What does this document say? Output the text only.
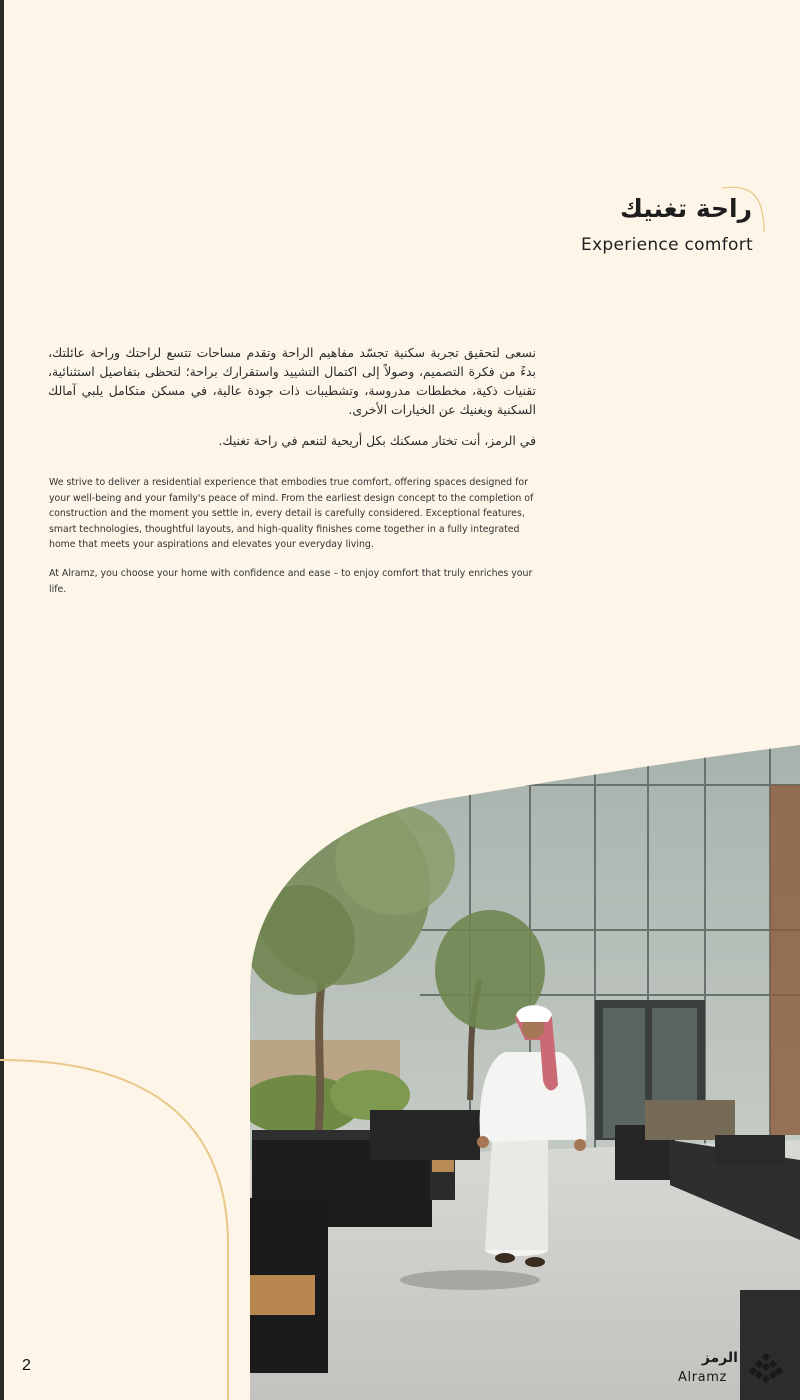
راحة تغنيك
Experience comfort

نسعى لتحقيق تجربة سكنية تجسّد مفاهيم الراحة وتقدم مساحات تتسع لراحتك وراحة عائلتك، بدءً من فكرة التصميم، وصولاً إلى اكتمال التشييد واستقرارك براحة؛ لتحظى بتفاصيل استثنائية، تقنيات ذكية، مخططات مدروسة، وتشطيبات ذات جودة عالية، في مسكن متكامل يلبي آمالك السكنية ويغنيك عن الخيارات الأخرى.

في الرمز، أنت تختار مسكنك بكل أريحية لتنعم في راحة تغنيك.

We strive to deliver a residential experience that embodies true comfort, offering spaces designed for your well-being and your family's peace of mind. From the earliest design concept to the completion of construction and the moment you settle in, every detail is carefully considered. Exceptional features, smart technologies, thoughtful layouts, and high-quality finishes come together in a fully integrated home that meets your aspirations and elevates your everyday living.

At Alramz, you choose your home with confidence and ease – to enjoy comfort that truly enriches your life.

2	الرمز
Alramz
